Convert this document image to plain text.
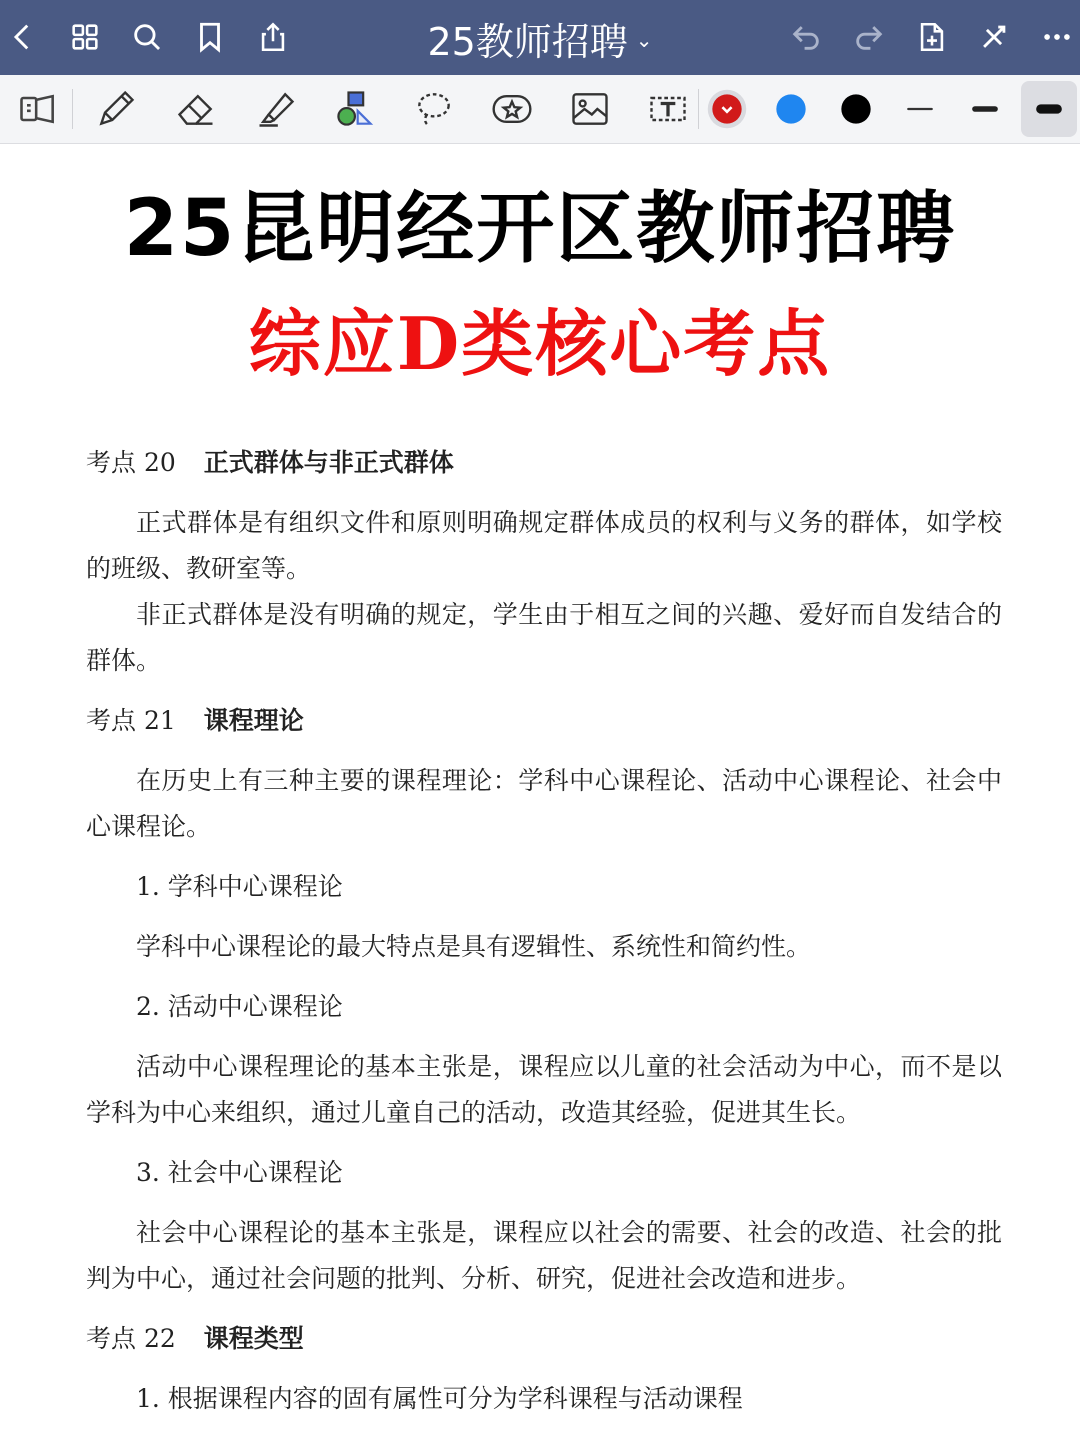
25教师招聘 ⌄
25昆明经开区教师招聘
综应D类核心考点

考点 20 正式群体与非正式群体

正式群体是有组织文件和原则明确规定群体成员的权利与义务的群体，如学校的班级、教研室等。

非正式群体是没有明确的规定，学生由于相互之间的兴趣、爱好而自发结合的群体。

考点 21 课程理论

在历史上有三种主要的课程理论：学科中心课程论、活动中心课程论、社会中心课程论。

1. 学科中心课程论

学科中心课程论的最大特点是具有逻辑性、系统性和简约性。

2. 活动中心课程论

活动中心课程理论的基本主张是，课程应以儿童的社会活动为中心，而不是以学科为中心来组织，通过儿童自己的活动，改造其经验，促进其生长。

3. 社会中心课程论

社会中心课程论的基本主张是，课程应以社会的需要、社会的改造、社会的批判为中心，通过社会问题的批判、分析、研究，促进社会改造和进步。

考点 22 课程类型

1. 根据课程内容的固有属性可分为学科课程与活动课程
